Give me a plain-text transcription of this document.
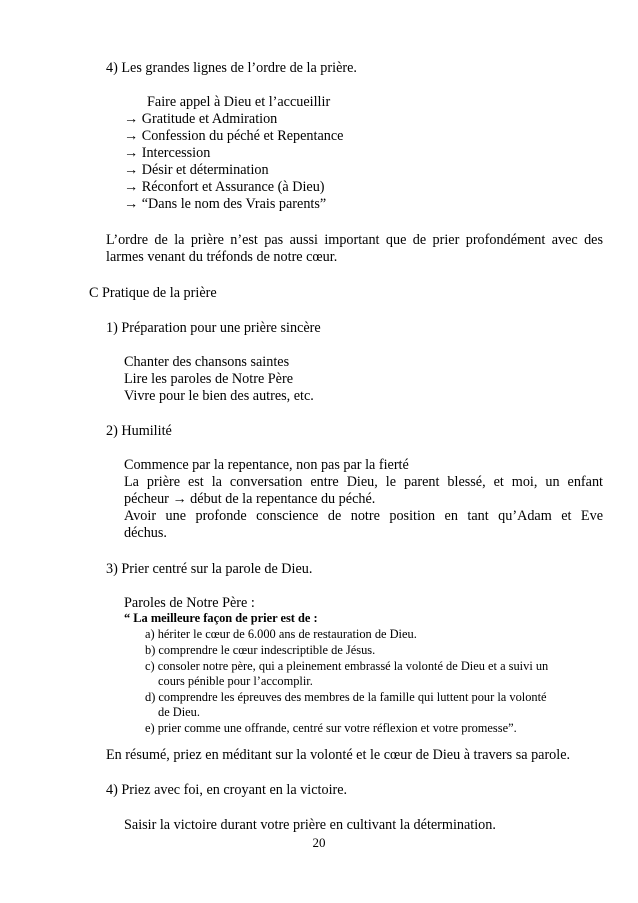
4) Les grandes lignes de l’ordre de la prière.

Faire appel à Dieu et l’accueillir

→ Gratitude et Admiration

→ Confession du péché et Repentance

→ Intercession

→ Désir et détermination

→ Réconfort et Assurance (à Dieu)

→ “Dans le nom des Vrais parents”

L’ordre de la prière n’est pas aussi important que de prier profondément avec des

larmes venant du tréfonds de notre cœur.

C Pratique de la prière

1) Préparation pour une prière sincère

Chanter des chansons saintes

Lire les paroles de Notre Père

Vivre pour le bien des autres, etc.

2) Humilité

Commence par la repentance, non pas par la fierté

La prière est la conversation entre Dieu, le parent blessé, et moi, un enfant

pécheur → début de la repentance du péché.

Avoir une profonde conscience de notre position en tant qu’Adam et Eve

déchus.

3) Prier centré sur la parole de Dieu.

Paroles de Notre Père :

“ La meilleure façon de prier est de :

a) hériter le cœur de 6.000 ans de restauration de Dieu.

b) comprendre le cœur indescriptible de Jésus.

c) consoler notre père, qui a pleinement embrassé la volonté de Dieu et a suivi un

cours pénible pour l’accomplir.

d) comprendre les épreuves des membres de la famille qui luttent pour la volonté

de Dieu.

e) prier comme une offrande, centré sur votre réflexion et votre promesse”.

En résumé, priez en méditant sur la volonté et le cœur de Dieu à travers sa parole.

4) Priez avec foi, en croyant en la victoire.

Saisir la victoire durant votre prière en cultivant la détermination.

20
